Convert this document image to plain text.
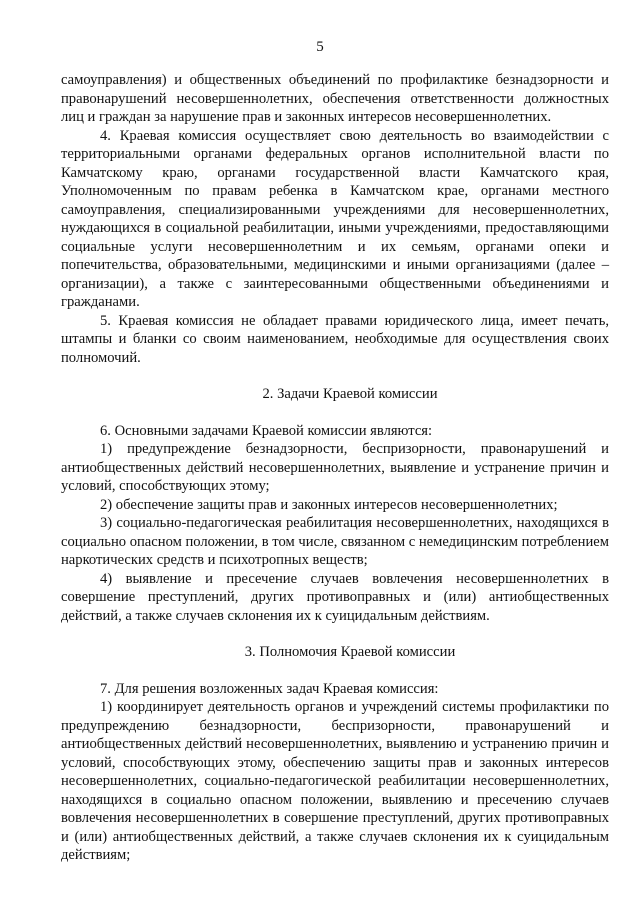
5

самоуправления) и общественных объединений по профилактике безнадзорности и правонарушений несовершеннолетних, обеспечения ответственности должностных лиц и граждан за нарушение прав и законных интересов несовершеннолетних.

4. Краевая комиссия осуществляет свою деятельность во взаимодействии с территориальными органами федеральных органов исполнительной власти по Камчатскому краю, органами государственной власти Камчатского края, Уполномоченным по правам ребенка в Камчатском крае, органами местного самоуправления, специализированными учреждениями для несовершеннолетних, нуждающихся в социальной реабилитации, иными учреждениями, предоставляющими социальные услуги несовершеннолетним и их семьям, органами опеки и попечительства, образовательными, медицинскими и иными организациями (далее – организации), а также с заинтересованными общественными объединениями и гражданами.

5. Краевая комиссия не обладает правами юридического лица, имеет печать, штампы и бланки со своим наименованием, необходимые для осуществления своих полномочий.

2. Задачи Краевой комиссии

6. Основными задачами Краевой комиссии являются:

1) предупреждение безнадзорности, беспризорности, правонарушений и антиобщественных действий несовершеннолетних, выявление и устранение причин и условий, способствующих этому;

2) обеспечение защиты прав и законных интересов несовершеннолетних;

3) социально-педагогическая реабилитация несовершеннолетних, находящихся в социально опасном положении, в том числе, связанном с немедицинским потреблением наркотических средств и психотропных веществ;

4) выявление и пресечение случаев вовлечения несовершеннолетних в совершение преступлений, других противоправных и (или) антиобщественных действий, а также случаев склонения их к суицидальным действиям.

3. Полномочия Краевой комиссии

7. Для решения возложенных задач Краевая комиссия:

1) координирует деятельность органов и учреждений системы профилактики по предупреждению безнадзорности, беспризорности, правонарушений и антиобщественных действий несовершеннолетних, выявлению и устранению причин и условий, способствующих этому, обеспечению защиты прав и законных интересов несовершеннолетних, социально-педагогической реабилитации несовершеннолетних, находящихся в социально опасном положении, выявлению и пресечению случаев вовлечения несовершеннолетних в совершение преступлений, других противоправных и (или) антиобщественных действий, а также случаев склонения их к суицидальным действиям;
